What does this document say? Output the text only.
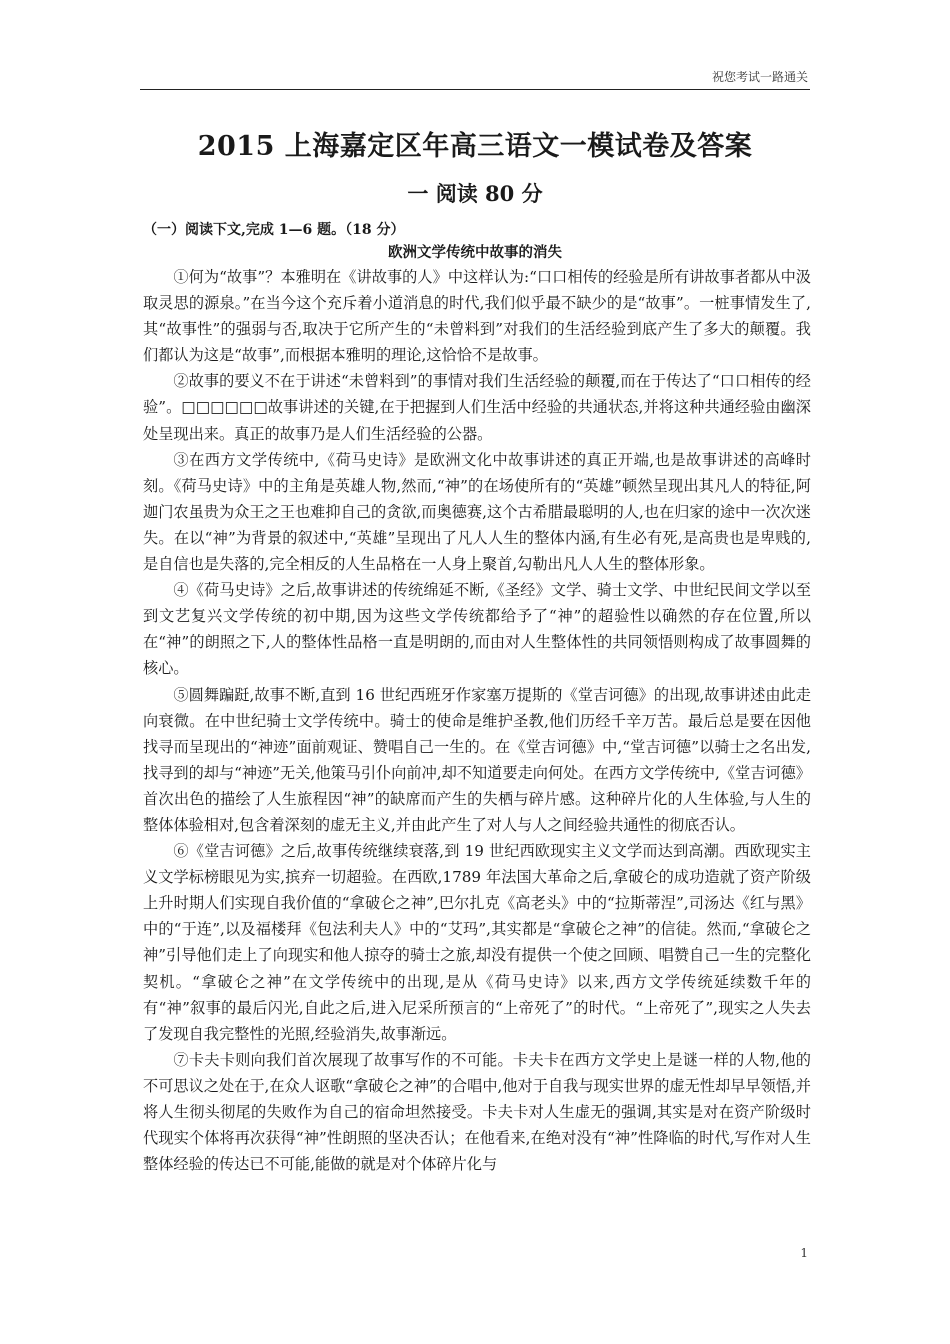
祝您考试一路通关
2015 上海嘉定区年高三语文一模试卷及答案
一 阅读 80 分
（一）阅读下文,完成 1—6 题。（18 分）
欧洲文学传统中故事的消失

①何为“故事”？本雅明在《讲故事的人》中这样认为:“口口相传的经验是所有讲故事者都从中汲取灵思的源泉。”在当今这个充斥着小道消息的时代,我们似乎最不缺少的是“故事”。一桩事情发生了,其“故事性”的强弱与否,取决于它所产生的“未曾料到”对我们的生活经验到底产生了多大的颠覆。我们都认为这是“故事”,而根据本雅明的理论,这恰恰不是故事。

②故事的要义不在于讲述“未曾料到”的事情对我们生活经验的颠覆,而在于传达了“口口相传的经验”。□□□□□□故事讲述的关键,在于把握到人们生活中经验的共通状态,并将这种共通经验由幽深处呈现出来。真正的故事乃是人们生活经验的公器。

③在西方文学传统中,《荷马史诗》是欧洲文化中故事讲述的真正开端,也是故事讲述的高峰时刻。《荷马史诗》中的主角是英雄人物,然而,“神”的在场使所有的“英雄”顿然呈现出其凡人的特征,阿迦门农虽贵为众王之王也难抑自己的贪欲,而奥德赛,这个古希腊最聪明的人,也在归家的途中一次次迷失。在以“神”为背景的叙述中,“英雄”呈现出了凡人人生的整体内涵,有生必有死,是高贵也是卑贱的,是自信也是失落的,完全相反的人生品格在一人身上聚首,勾勒出凡人人生的整体形象。

④《荷马史诗》之后,故事讲述的传统绵延不断,《圣经》文学、骑士文学、中世纪民间文学以至到文艺复兴文学传统的初中期,因为这些文学传统都给予了“神”的超验性以确然的存在位置,所以在“神”的朗照之下,人的整体性品格一直是明朗的,而由对人生整体性的共同领悟则构成了故事圆舞的核心。

⑤圆舞蹁跹,故事不断,直到 16 世纪西班牙作家塞万提斯的《堂吉诃德》的出现,故事讲述由此走向衰微。在中世纪骑士文学传统中。骑士的使命是维护圣教,他们历经千辛万苦。最后总是要在因他找寻而呈现出的“神迹”面前观证、赞唱自己一生的。在《堂吉诃德》中,“堂吉诃德”以骑士之名出发,找寻到的却与“神迹”无关,他策马引仆向前冲,却不知道要走向何处。在西方文学传统中,《堂吉诃德》首次出色的描绘了人生旅程因“神”的缺席而产生的失栖与碎片感。这种碎片化的人生体验,与人生的整体体验相对,包含着深刻的虚无主义,并由此产生了对人与人之间经验共通性的彻底否认。

⑥《堂吉诃德》之后,故事传统继续衰落,到 19 世纪西欧现实主义文学而达到高潮。西欧现实主义文学标榜眼见为实,摈弃一切超验。在西欧,1789 年法国大革命之后,拿破仑的成功造就了资产阶级上升时期人们实现自我价值的“拿破仑之神”,巴尔扎克《高老头》中的“拉斯蒂涅”,司汤达《红与黑》中的“于连”,以及福楼拜《包法利夫人》中的“艾玛”,其实都是“拿破仑之神”的信徒。然而,“拿破仑之神”引导他们走上了向现实和他人掠夺的骑士之旅,却没有提供一个使之回顾、唱赞自己一生的完整化契机。“拿破仑之神”在文学传统中的出现,是从《荷马史诗》以来,西方文学传统延续数千年的有“神”叙事的最后闪光,自此之后,进入尼采所预言的“上帝死了”的时代。“上帝死了”,现实之人失去了发现自我完整性的光照,经验消失,故事渐远。

⑦卡夫卡则向我们首次展现了故事写作的不可能。卡夫卡在西方文学史上是谜一样的人物,他的不可思议之处在于,在众人讴歌“拿破仑之神”的合唱中,他对于自我与现实世界的虚无性却早早领悟,并将人生彻头彻尾的失败作为自己的宿命坦然接受。卡夫卡对人生虚无的强调,其实是对在资产阶级时代现实个体将再次获得“神”性朗照的坚决否认；在他看来,在绝对没有“神”性降临的时代,写作对人生整体经验的传达已不可能,能做的就是对个体碎片化与

1
